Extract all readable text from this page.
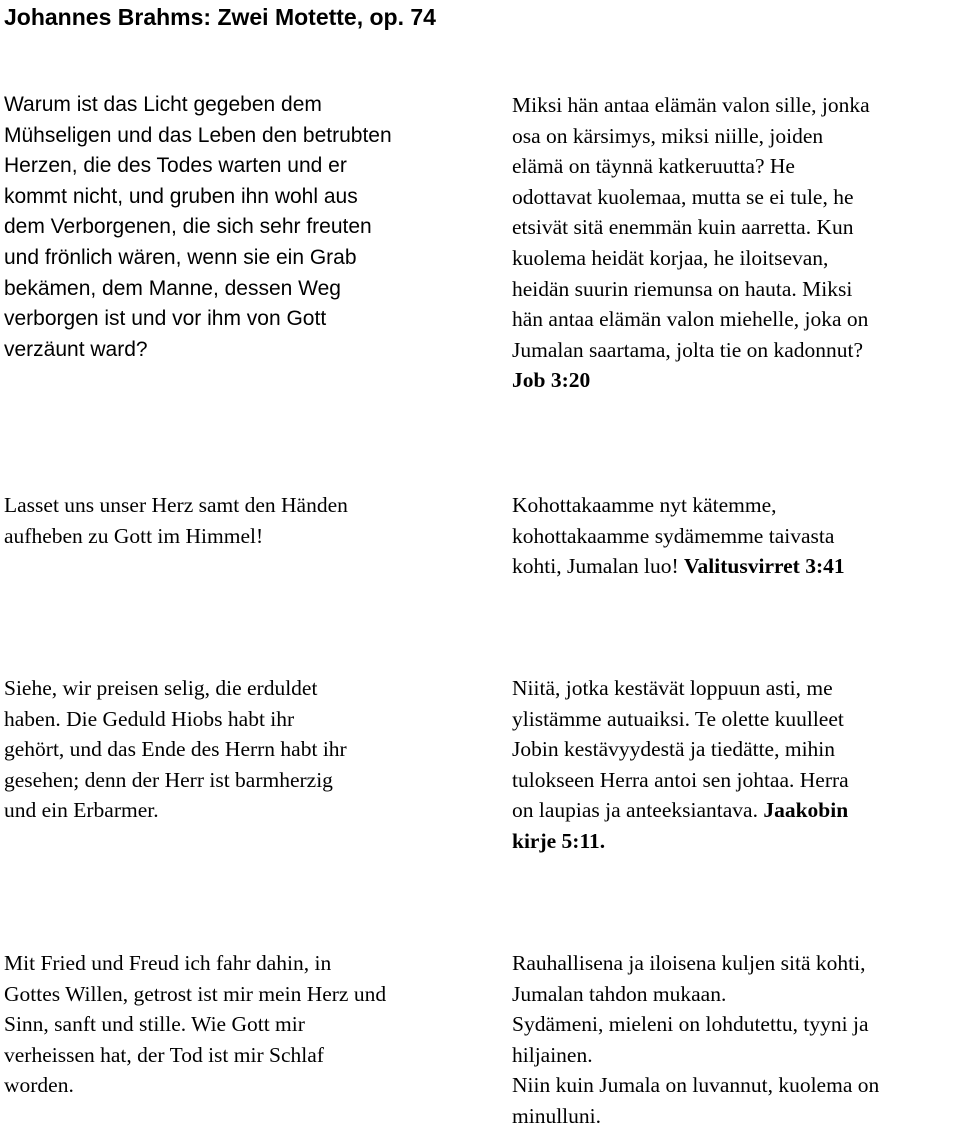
Johannes Brahms: Zwei Motette, op. 74
Warum ist das Licht gegeben dem
Mühseligen und das Leben den betrubten
Herzen, die des Todes warten und er
kommt nicht, und gruben ihn wohl aus
dem Verborgenen, die sich sehr freuten
und frönlich wären, wenn sie ein Grab
bekämen, dem Manne, dessen Weg
verborgen ist und vor ihm von Gott
verzäunt ward?
Miksi hän antaa elämän valon sille, jonka
osa on kärsimys, miksi niille, joiden
elämä on täynnä katkeruutta? He
odottavat kuolemaa, mutta se ei tule, he
etsivät sitä enemmän kuin aarretta. Kun
kuolema heidät korjaa, he iloitsevan,
heidän suurin riemunsa on hauta. Miksi
hän antaa elämän valon miehelle, joka on
Jumalan saartama, jolta tie on kadonnut?
Job 3:20
Lasset uns unser Herz samt den Händen
aufheben zu Gott im Himmel!
Kohottakaamme nyt kätemme,
kohottakaamme sydämemme taivasta
kohti, Jumalan luo! Valitusvirret 3:41
Siehe, wir preisen selig, die erduldet
haben. Die Geduld Hiobs habt ihr
gehört, und das Ende des Herrn habt ihr
gesehen; denn der Herr ist barmherzig
und ein Erbarmer.
Niitä, jotka kestävät loppuun asti, me
ylistämme autuaiksi. Te olette kuulleet
Jobin kestävyydestä ja tiedätte, mihin
tulokseen Herra antoi sen johtaa. Herra
on laupias ja anteeksiantava. Jaakobin
kirje 5:11.
Mit Fried und Freud ich fahr dahin, in
Gottes Willen, getrost ist mir mein Herz und
Sinn, sanft und stille. Wie Gott mir
verheissen hat, der Tod ist mir Schlaf
worden.
Rauhallisena ja iloisena kuljen sitä kohti,
Jumalan tahdon mukaan.
Sydämeni, mieleni on lohdutettu, tyyni ja
hiljainen.
Niin kuin Jumala on luvannut, kuolema on
minulluni.
